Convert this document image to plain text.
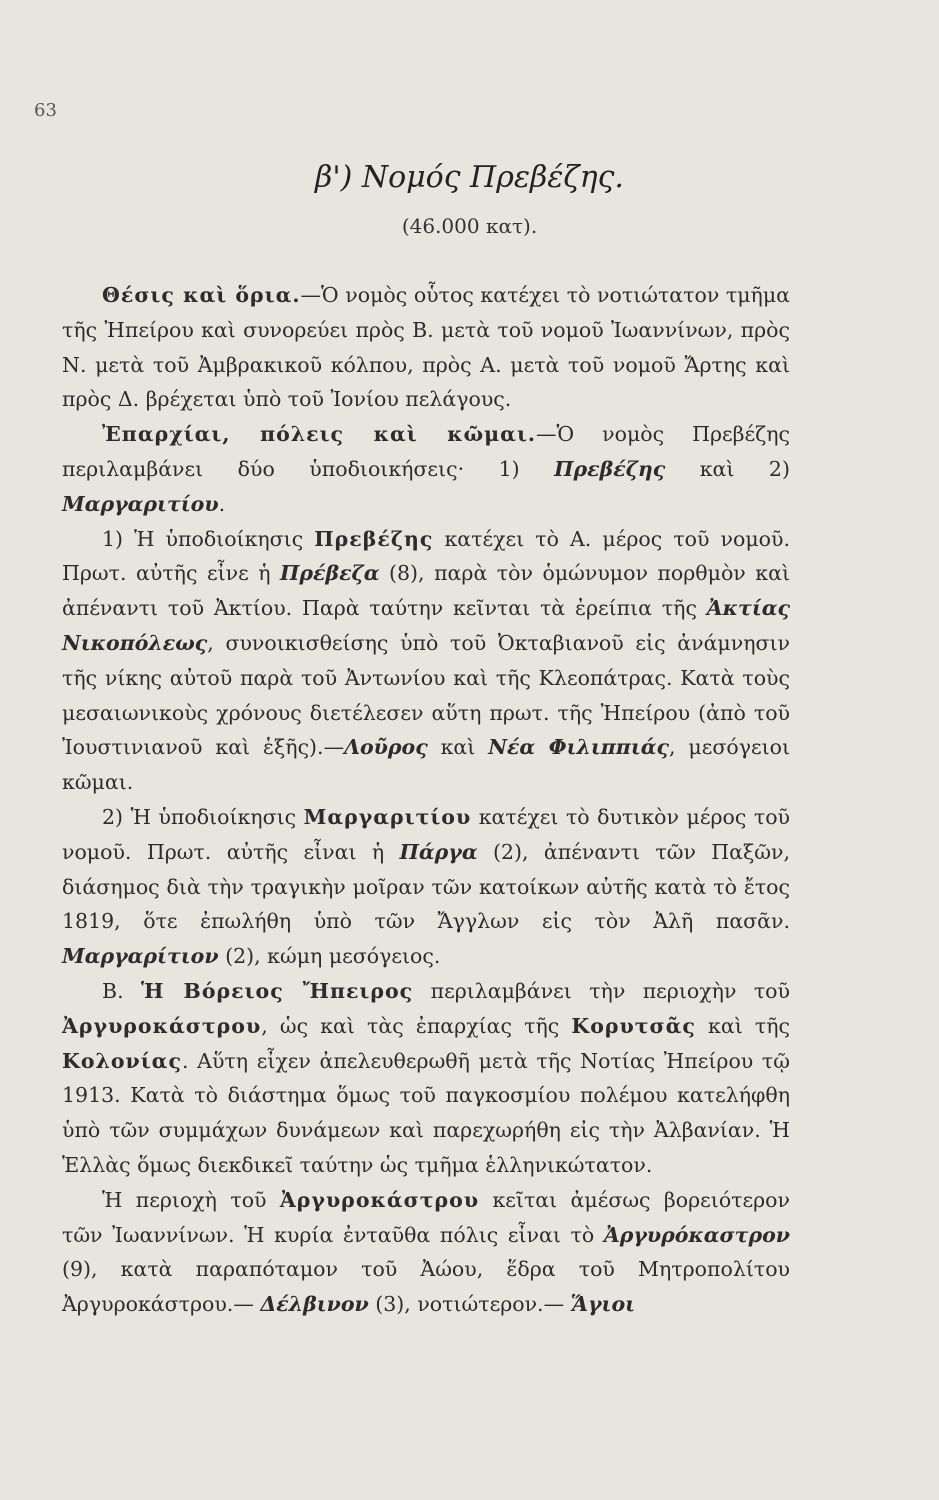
63
β') Νομός Πρεβέζης.
(46.000 κατ).

Θέσις καὶ ὅρια.—Ὁ νομὸς οὗτος κατέχει τὸ νοτιώτατον τμῆμα τῆς Ἠπείρου καὶ συνορεύει πρὸς Β. μετὰ τοῦ νομοῦ Ἰωαννίνων, πρὸς Ν. μετὰ τοῦ Ἀμβρακικοῦ κόλπου, πρὸς Α. μετὰ τοῦ νομοῦ Ἄρτης καὶ πρὸς Δ. βρέχεται ὑπὸ τοῦ Ἰονίου πελάγους.

Ἐπαρχίαι, πόλεις καὶ κῶμαι.—Ὁ νομὸς Πρεβέζης περιλαμβάνει δύο ὑποδιοικήσεις· 1) Πρεβέζης καὶ 2) Μαργαριτίου.

1) Ἡ ὑποδιοίκησις Πρεβέζης κατέχει τὸ Α. μέρος τοῦ νομοῦ. Πρωτ. αὐτῆς εἶνε ἡ Πρέβεζα (8), παρὰ τὸν ὁμώνυμον πορθμὸν καὶ ἀπέναντι τοῦ Ἀκτίου. Παρὰ ταύτην κεῖνται τὰ ἐρείπια τῆς Ἀκτίας Νικοπόλεως, συνοικισθείσης ὑπὸ τοῦ Ὀκταβιανοῦ εἰς ἀνάμνησιν τῆς νίκης αὐτοῦ παρὰ τοῦ Ἀντωνίου καὶ τῆς Κλεοπάτρας. Κατὰ τοὺς μεσαιωνικοὺς χρόνους διετέλεσεν αὕτη πρωτ. τῆς Ἠπείρου (ἀπὸ τοῦ Ἰουστινιανοῦ καὶ ἑξῆς).—Λοῦρος καὶ Νέα Φιλιππιάς, μεσόγειοι κῶμαι.

2) Ἡ ὑποδιοίκησις Μαργαριτίου κατέχει τὸ δυτικὸν μέρος τοῦ νομοῦ. Πρωτ. αὐτῆς εἶναι ἡ Πάργα (2), ἀπέναντι τῶν Παξῶν, διάσημος διὰ τὴν τραγικὴν μοῖραν τῶν κατοίκων αὐτῆς κατὰ τὸ ἔτος 1819, ὅτε ἐπωλήθη ὑπὸ τῶν Ἄγγλων εἰς τὸν Ἀλῆ πασᾶν. Μαργαρίτιον (2), κώμη μεσόγειος.

Β. Ἡ Βόρειος Ἤπειρος περιλαμβάνει τὴν περιοχὴν τοῦ Ἀργυροκάστρου, ὡς καὶ τὰς ἐπαρχίας τῆς Κορυτσᾶς καὶ τῆς Κολονίας. Αὕτη εἶχεν ἀπελευθερωθῆ μετὰ τῆς Νοτίας Ἠπείρου τῷ 1913. Κατὰ τὸ διάστημα ὅμως τοῦ παγκοσμίου πολέμου κατελήφθη ὑπὸ τῶν συμμάχων δυνάμεων καὶ παρεχωρήθη εἰς τὴν Ἀλβανίαν. Ἡ Ἑλλὰς ὅμως διεκδικεῖ ταύτην ὡς τμῆμα ἑλληνικώτατον.

Ἡ περιοχὴ τοῦ Ἀργυροκάστρου κεῖται ἀμέσως βορειότερον τῶν Ἰωαννίνων. Ἡ κυρία ἐνταῦθα πόλις εἶναι τὸ Ἀργυρόκαστρον (9), κατὰ παραπόταμον τοῦ Ἀώου, ἕδρα τοῦ Μητροπολίτου Ἀργυροκάστρου.— Δέλβινον (3), νοτιώτερον.— Ἅγιοι
